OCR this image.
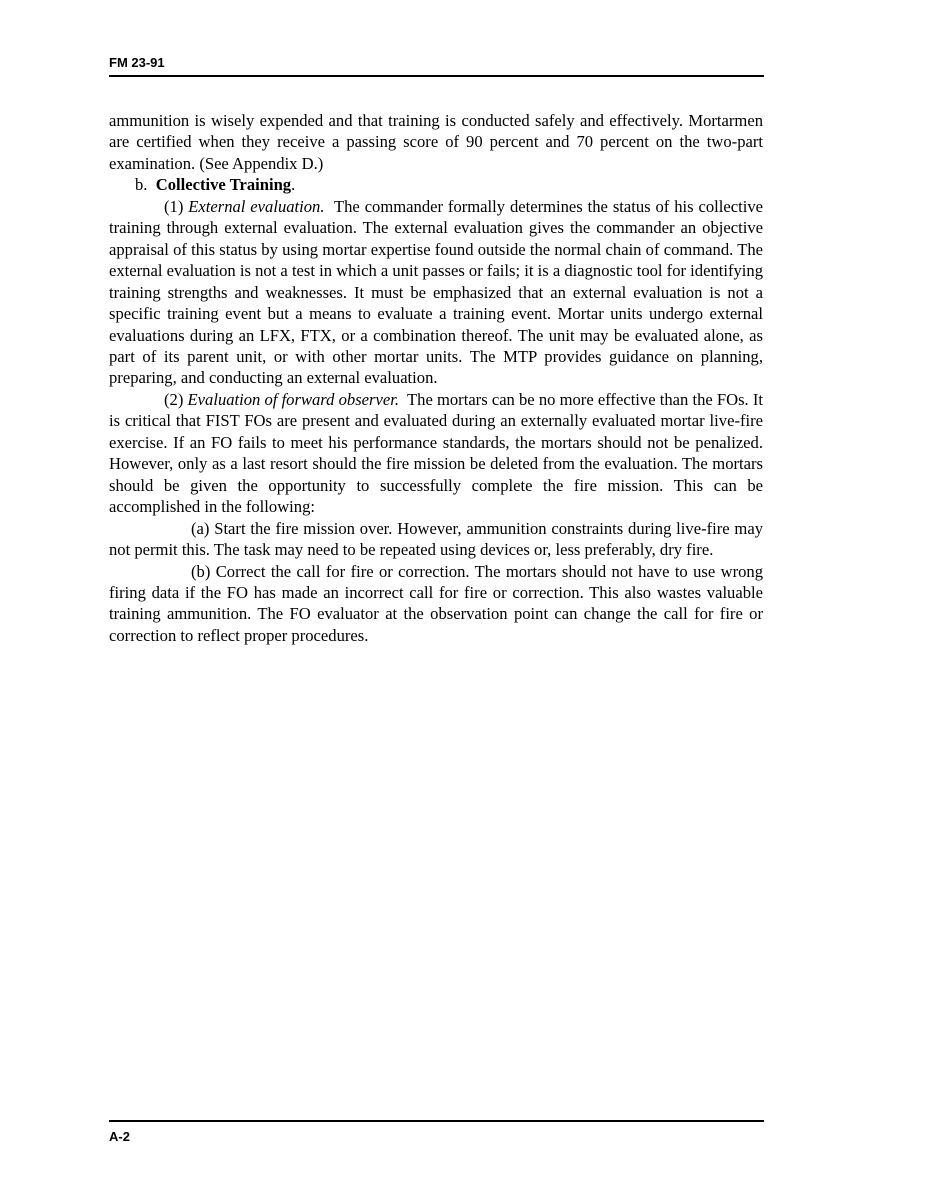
FM 23-91

ammunition is wisely expended and that training is conducted safely and effectively. Mortarmen are certified when they receive a passing score of 90 percent and 70 percent on the two-part examination. (See Appendix D.)

b. Collective Training.

(1) External evaluation. The commander formally determines the status of his collective training through external evaluation. The external evaluation gives the commander an objective appraisal of this status by using mortar expertise found outside the normal chain of command. The external evaluation is not a test in which a unit passes or fails; it is a diagnostic tool for identifying training strengths and weaknesses. It must be emphasized that an external evaluation is not a specific training event but a means to evaluate a training event. Mortar units undergo external evaluations during an LFX, FTX, or a combination thereof. The unit may be evaluated alone, as part of its parent unit, or with other mortar units. The MTP provides guidance on planning, preparing, and conducting an external evaluation.

(2) Evaluation of forward observer. The mortars can be no more effective than the FOs. It is critical that FIST FOs are present and evaluated during an externally evaluated mortar live-fire exercise. If an FO fails to meet his performance standards, the mortars should not be penalized. However, only as a last resort should the fire mission be deleted from the evaluation. The mortars should be given the opportunity to successfully complete the fire mission. This can be accomplished in the following:

(a) Start the fire mission over. However, ammunition constraints during live-fire may not permit this. The task may need to be repeated using devices or, less preferably, dry fire.

(b) Correct the call for fire or correction. The mortars should not have to use wrong firing data if the FO has made an incorrect call for fire or correction. This also wastes valuable training ammunition. The FO evaluator at the observation point can change the call for fire or correction to reflect proper procedures.

A-2
